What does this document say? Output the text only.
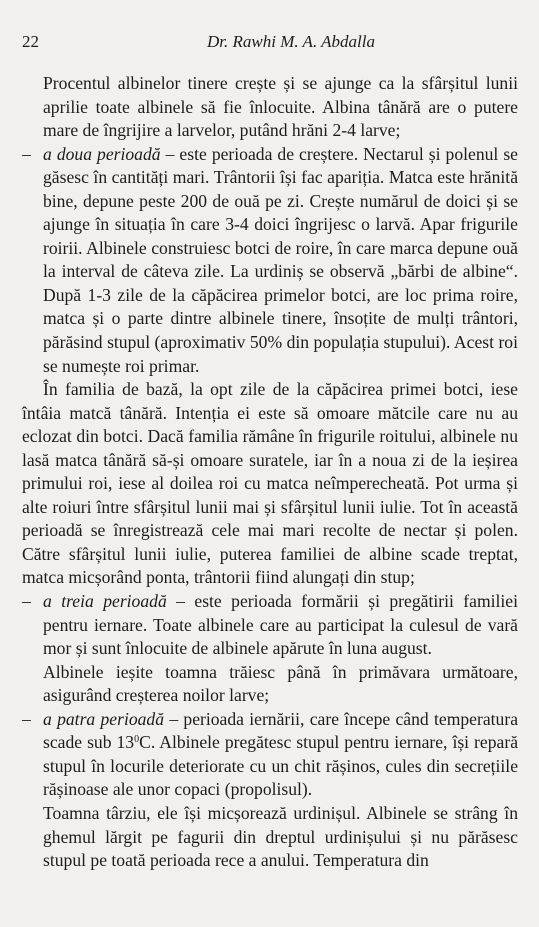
22	Dr. Rawhi M. A. Abdalla

Procentul albinelor tinere crește și se ajunge ca la sfârșitul lunii aprilie toate albinele să fie înlocuite. Albina tânără are o putere mare de îngrijire a larvelor, putând hrăni 2-4 larve;

– a doua perioadă – este perioada de creștere. Nectarul și polenul se găsesc în cantități mari. Trântorii își fac apariția. Matca este hrănită bine, depune peste 200 de ouă pe zi. Crește numărul de doici și se ajunge în situația în care 3-4 doici îngrijesc o larvă. Apar frigurile roirii. Albinele construiesc botci de roire, în care marca depune ouă la interval de câteva zile. La urdiniș se observă „bărbi de albine“. După 1-3 zile de la căpăcirea primelor botci, are loc prima roire, matca și o parte dintre albinele tinere, însoțite de mulți trântori, părăsind stupul (aproximativ 50% din populația stupului). Acest roi se numește roi primar.

În familia de bază, la opt zile de la căpăcirea primei botci, iese întâia matcă tânără. Intenția ei este să omoare mătcile care nu au eclozat din botci. Dacă familia rămâne în frigurile roitului, albinele nu lasă matca tânără să-și omoare suratele, iar în a noua zi de la ieșirea primului roi, iese al doilea roi cu matca neîmperecheată. Pot urma și alte roiuri între sfârșitul lunii mai și sfârșitul lunii iulie. Tot în această perioadă se înregistrează cele mai mari recolte de nectar și polen. Către sfârșitul lunii iulie, puterea familiei de albine scade treptat, matca micșorând ponta, trântorii fiind alungați din stup;

– a treia perioadă – este perioada formării și pregătirii familiei pentru iernare. Toate albinele care au participat la culesul de vară mor și sunt înlocuite de albinele apărute în luna august.

Albinele ieșite toamna trăiesc până în primăvara următoare, asigurând creșterea noilor larve;

– a patra perioadă – perioada iernării, care începe când temperatura scade sub $13^0C$. Albinele pregătesc stupul pentru iernare, își repară stupul în locurile deteriorate cu un chit rășinos, cules din secrețiile rășinoase ale unor copaci (propolisul).

Toamna târziu, ele își micșorează urdinișul. Albinele se strâng în ghemul lărgit pe fagurii din dreptul urdinișului și nu părăsesc stupul pe toată perioada rece a anului. Temperatura din
